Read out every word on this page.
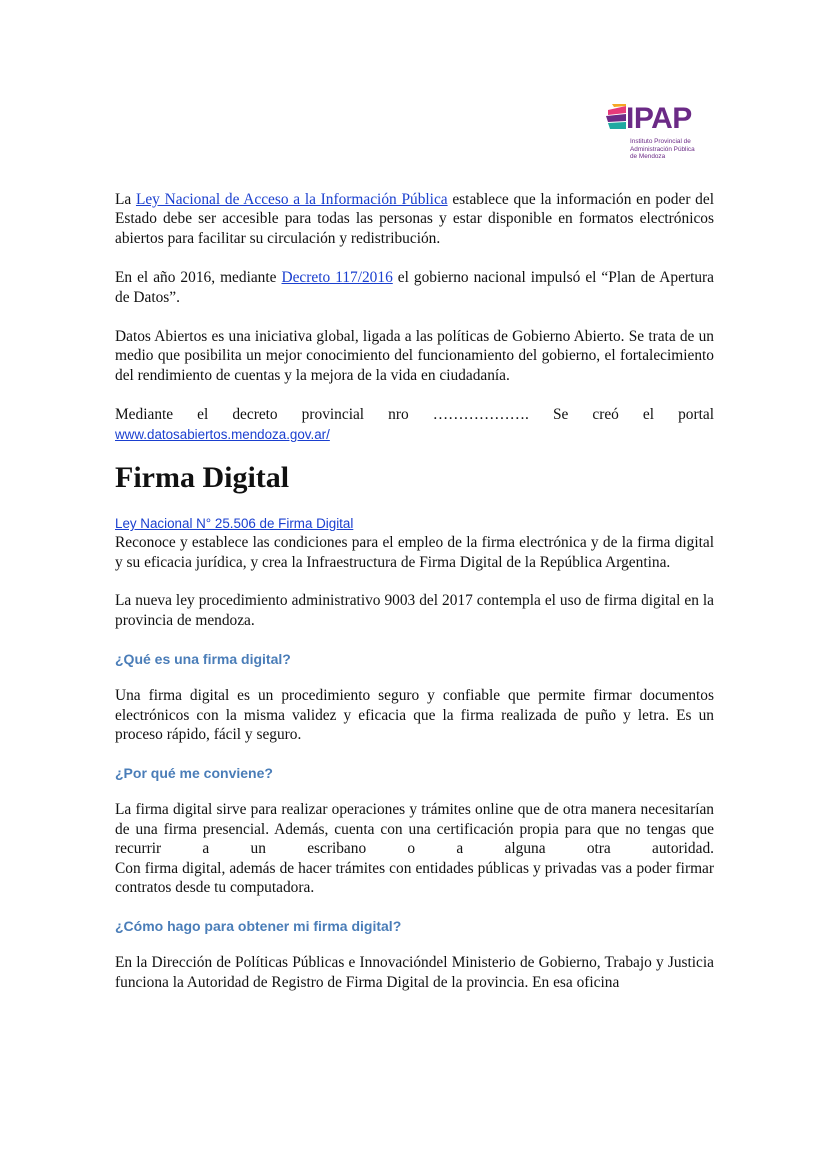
IPAP
Instituto Provincial de
Administración Pública
de Mendoza

La Ley Nacional de Acceso a la Información Pública establece que la información en poder del Estado debe ser accesible para todas las personas y estar disponible en formatos electrónicos abiertos para facilitar su circulación y redistribución.

En el año 2016, mediante Decreto 117/2016 el gobierno nacional impulsó el “Plan de Apertura de Datos”.

Datos Abiertos es una iniciativa global, ligada a las políticas de Gobierno Abierto. Se trata de un medio que posibilita un mejor conocimiento del funcionamiento del gobierno, el fortalecimiento del rendimiento de cuentas y la mejora de la vida en ciudadanía.

Mediante el decreto provincial nro ………………. Se creó el portal

www.datosabiertos.mendoza.gov.ar/

Firma Digital

Ley Nacional N° 25.506 de Firma Digital

Reconoce y establece las condiciones para el empleo de la firma electrónica y de la firma digital y su eficacia jurídica, y crea la Infraestructura de Firma Digital de la República Argentina.

La nueva ley procedimiento administrativo 9003 del 2017 contempla el uso de firma digital en la provincia de mendoza.

¿Qué es una firma digital?

Una firma digital es un procedimiento seguro y confiable que permite firmar documentos electrónicos con la misma validez y eficacia que la firma realizada de puño y letra. Es un proceso rápido, fácil y seguro.

¿Por qué me conviene?

La firma digital sirve para realizar operaciones y trámites online que de otra manera necesitarían de una firma presencial. Además, cuenta con una certificación propia para que no tengas que recurrir a un escribano o a alguna otra autoridad.

Con firma digital, además de hacer trámites con entidades públicas y privadas vas a poder firmar contratos desde tu computadora.

¿Cómo hago para obtener mi firma digital?

En la Dirección de Políticas Públicas e Innovacióndel Ministerio de Gobierno, Trabajo y Justicia funciona la Autoridad de Registro de Firma Digital de la provincia. En esa oficina
